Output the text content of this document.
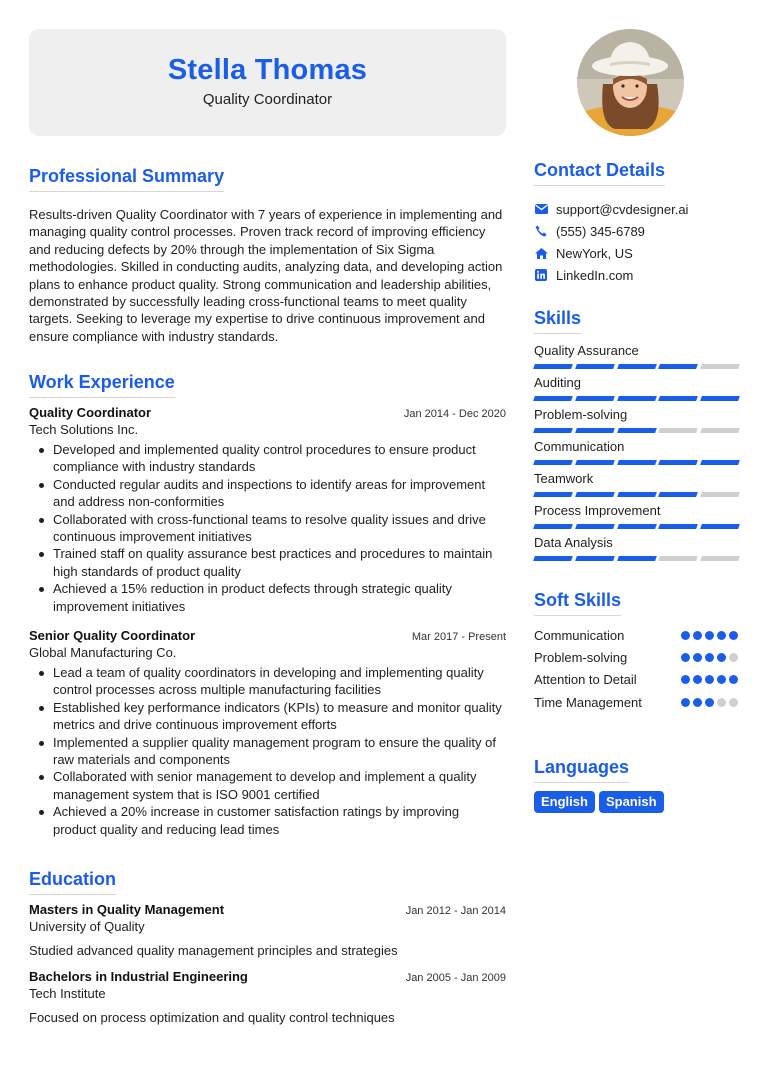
Stella Thomas
Quality Coordinator
Professional Summary

Results-driven Quality Coordinator with 7 years of experience in implementing and managing quality control processes. Proven track record of improving efficiency and reducing defects by 20% through the implementation of Six Sigma methodologies. Skilled in conducting audits, analyzing data, and developing action plans to enhance product quality. Strong communication and leadership abilities, demonstrated by successfully leading cross-functional teams to meet quality targets. Seeking to leverage my expertise to drive continuous improvement and ensure compliance with industry standards.

Work Experience
Quality Coordinator	Jan 2014 - Dec 2020
Tech Solutions Inc.
Developed and implemented quality control procedures to ensure product compliance with industry standards
Conducted regular audits and inspections to identify areas for improvement and address non-conformities
Collaborated with cross-functional teams to resolve quality issues and drive continuous improvement initiatives
Trained staff on quality assurance best practices and procedures to maintain high standards of product quality
Achieved a 15% reduction in product defects through strategic quality improvement initiatives
Senior Quality Coordinator	Mar 2017 - Present
Global Manufacturing Co.
Lead a team of quality coordinators in developing and implementing quality control processes across multiple manufacturing facilities
Established key performance indicators (KPIs) to measure and monitor quality metrics and drive continuous improvement efforts
Implemented a supplier quality management program to ensure the quality of raw materials and components
Collaborated with senior management to develop and implement a quality management system that is ISO 9001 certified
Achieved a 20% increase in customer satisfaction ratings by improving product quality and reducing lead times
Education
Masters in Quality Management	Jan 2012 - Jan 2014
University of Quality
Studied advanced quality management principles and strategies
Bachelors in Industrial Engineering	Jan 2005 - Jan 2009
Tech Institute
Focused on process optimization and quality control techniques
Contact Details
support@cvdesigner.ai
(555) 345-6789
NewYork, US
LinkedIn.com
Skills
Quality Assurance
Auditing
Problem-solving
Communication
Teamwork
Process Improvement
Data Analysis
Soft Skills
Communication
Problem-solving
Attention to Detail
Time Management
Languages
English	Spanish
